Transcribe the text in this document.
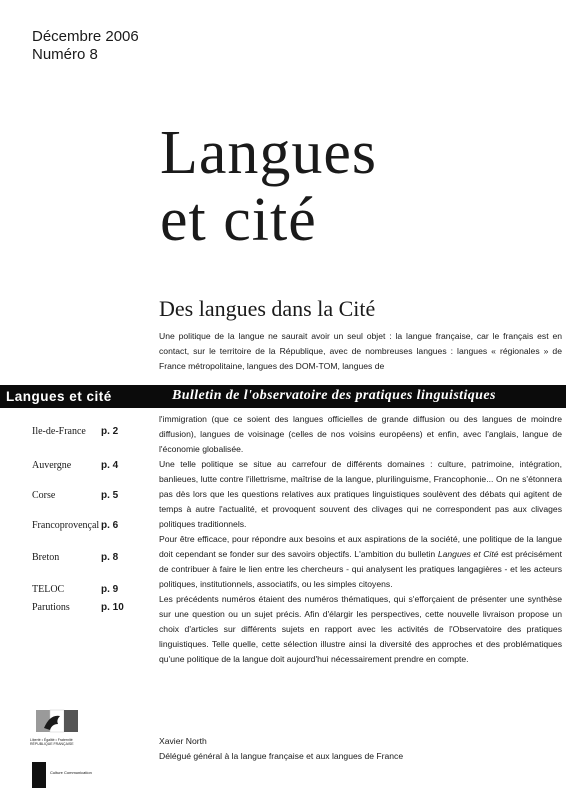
Décembre 2006
Numéro 8
Langues
et cité
Des langues dans la Cité

Une politique de la langue ne saurait avoir un seul objet : la langue française, car le français est en contact, sur le territoire de la République, avec de nombreuses langues : langues « régionales » de France métropolitaine, langues des DOM-TOM, langues de

Langues et cité	Bulletin de l'observatoire des pratiques linguistiques
Ile-de-France p. 2
Auvergne	p. 4
Corse	p. 5
Francoprovençal p. 6
Breton	p. 8
TELOC	p. 9
Parutions	p. 10

l'immigration (que ce soient des langues officielles de grande diffusion ou des langues de moindre diffusion), langues de voisinage (celles de nos voisins européens) et enfin, avec l'anglais, langue de l'économie globalisée.

Une telle politique se situe au carrefour de différents domaines : culture, patrimoine, intégration, banlieues, lutte contre l'illettrisme, maîtrise de la langue, plurilinguisme, Francophonie... On ne s'étonnera pas dès lors que les questions relatives aux pratiques linguistiques soulèvent des débats qui agitent de temps à autre l'actualité, et provoquent souvent des clivages qui ne correspondent pas aux clivages politiques traditionnels.

Pour être efficace, pour répondre aux besoins et aux aspirations de la société, une politique de la langue doit cependant se fonder sur des savoirs objectifs. L'ambition du bulletin Langues et Cité est précisément de contribuer à faire le lien entre les chercheurs - qui analysent les pratiques langagières - et les acteurs politiques, institutionnels, associatifs, ou les simples citoyens.

Les précédents numéros étaient des numéros thématiques, qui s'efforçaient de présenter une synthèse sur une question ou un sujet précis. Afin d'élargir les perspectives, cette nouvelle livraison propose un choix d'articles sur différents sujets en rapport avec les activités de l'Observatoire des pratiques linguistiques. Telle quelle, cette sélection illustre ainsi la diversité des approches et des problématiques qu'une politique de la langue doit aujourd'hui nécessairement prendre en compte.

Xavier North
Délégué général à la langue française et aux langues de France
Liberté • Égalité • Fraternité RÉPUBLIQUE FRANÇAISE
Culture Communication
